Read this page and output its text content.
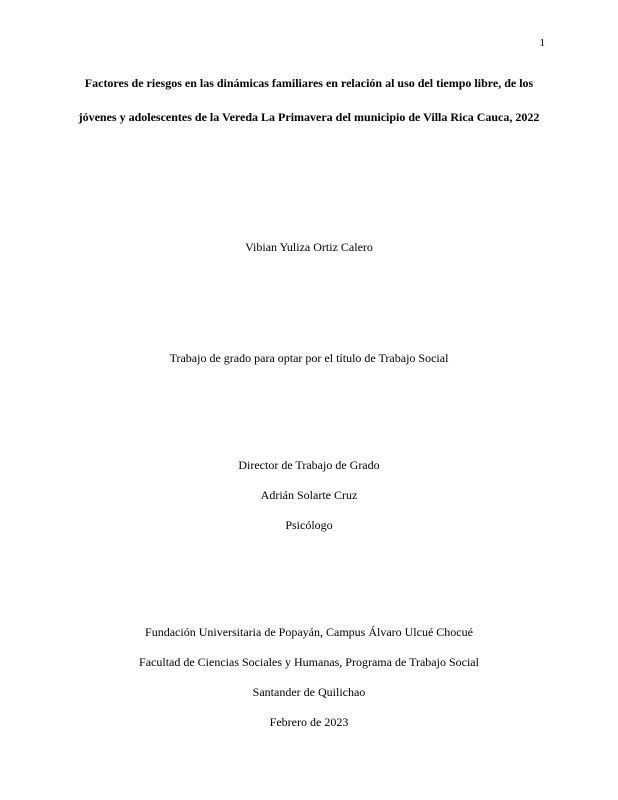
1
Factores de riesgos en las dinámicas familiares en relación al uso del tiempo libre, de los
jóvenes y adolescentes de la Vereda La Primavera del municipio de Villa Rica Cauca, 2022
Vibian Yuliza Ortiz Calero
Trabajo de grado para optar por el título de Trabajo Social
Director de Trabajo de Grado
Adrián Solarte Cruz
Psicólogo
Fundación Universitaria de Popayán, Campus Álvaro Ulcué Chocué
Facultad de Ciencias Sociales y Humanas, Programa de Trabajo Social
Santander de Quilichao
Febrero de 2023
